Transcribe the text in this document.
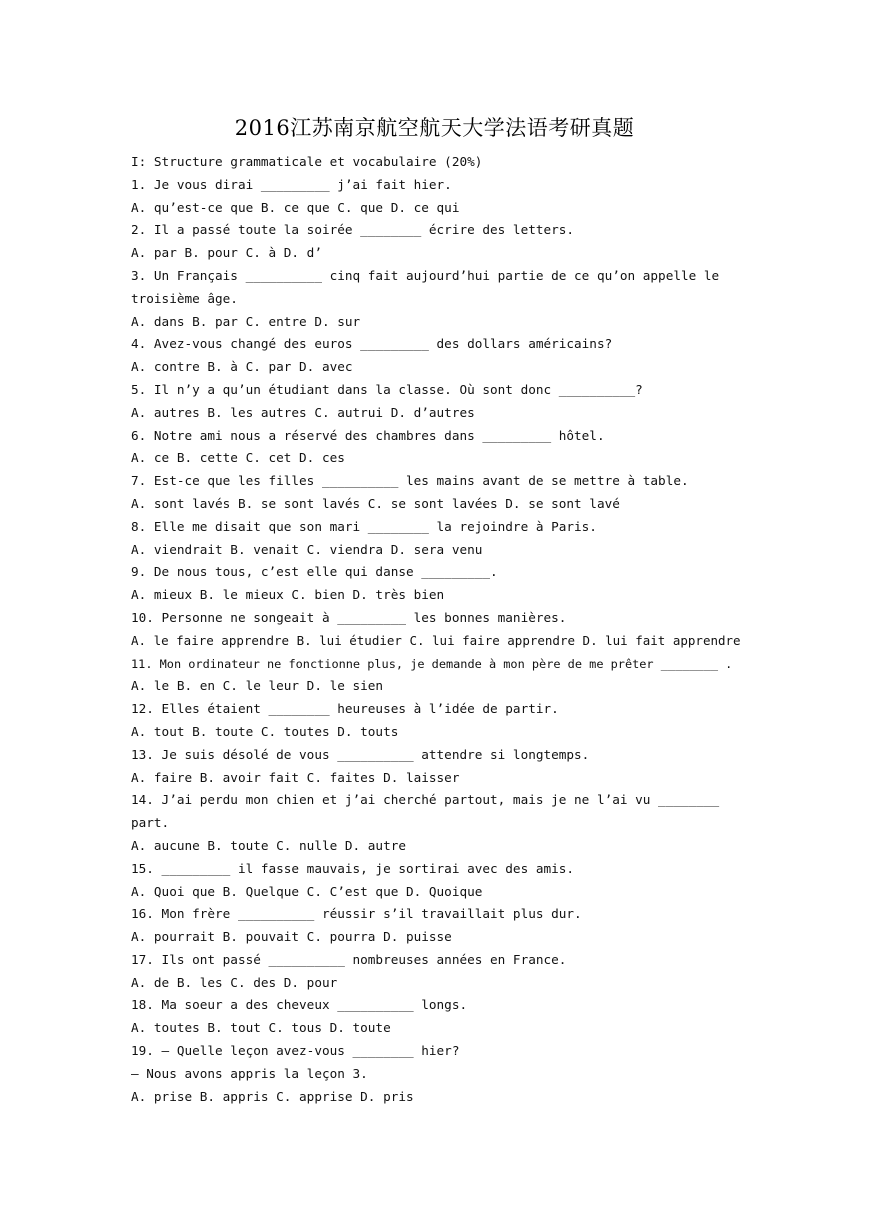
2016江苏南京航空航天大学法语考研真题
I: Structure grammaticale et vocabulaire (20%)
1. Je vous dirai _________ j’ai fait hier.
A. qu’est-ce que B. ce que C. que D. ce qui
2. Il a passé toute la soirée ________ écrire des letters.
A. par B. pour C. à D. d’
3. Un Français __________ cinq fait aujourd’hui partie de ce qu’on appelle le
troisième âge.
A. dans B. par C. entre D. sur
4. Avez-vous changé des euros _________ des dollars américains?
A. contre B. à C. par D. avec
5. Il n’y a qu’un étudiant dans la classe. Où sont donc __________?
A. autres B. les autres C. autrui D. d’autres
6. Notre ami nous a réservé des chambres dans _________ hôtel.
A. ce B. cette C. cet D. ces
7. Est-ce que les filles __________ les mains avant de se mettre à table.
A. sont lavés B. se sont lavés C. se sont lavées D. se sont lavé
8. Elle me disait que son mari ________ la rejoindre à Paris.
A. viendrait B. venait C. viendra D. sera venu
9. De nous tous, c’est elle qui danse _________.
A. mieux B. le mieux C. bien D. très bien
10. Personne ne songeait à _________ les bonnes manières.
A. le faire apprendre B. lui étudier C. lui faire apprendre D. lui fait apprendre
11. Mon ordinateur ne fonctionne plus, je demande à mon père de me prêter ________ .
A. le B. en C. le leur D. le sien
12. Elles étaient ________ heureuses à l’idée de partir.
A. tout B. toute C. toutes D. touts
13. Je suis désolé de vous __________ attendre si longtemps.
A. faire B. avoir fait C. faites D. laisser
14. J’ai perdu mon chien et j’ai cherché partout, mais je ne l’ai vu ________
part.
A. aucune B. toute C. nulle D. autre
15. _________ il fasse mauvais, je sortirai avec des amis.
A. Quoi que B. Quelque C. C’est que D. Quoique
16. Mon frère __________ réussir s’il travaillait plus dur.
A. pourrait B. pouvait C. pourra D. puisse
17. Ils ont passé __________ nombreuses années en France.
A. de B. les C. des D. pour
18. Ma soeur a des cheveux __________ longs.
A. toutes B. tout C. tous D. toute
19. – Quelle leçon avez-vous ________ hier?
– Nous avons appris la leçon 3.
A. prise B. appris C. apprise D. pris
